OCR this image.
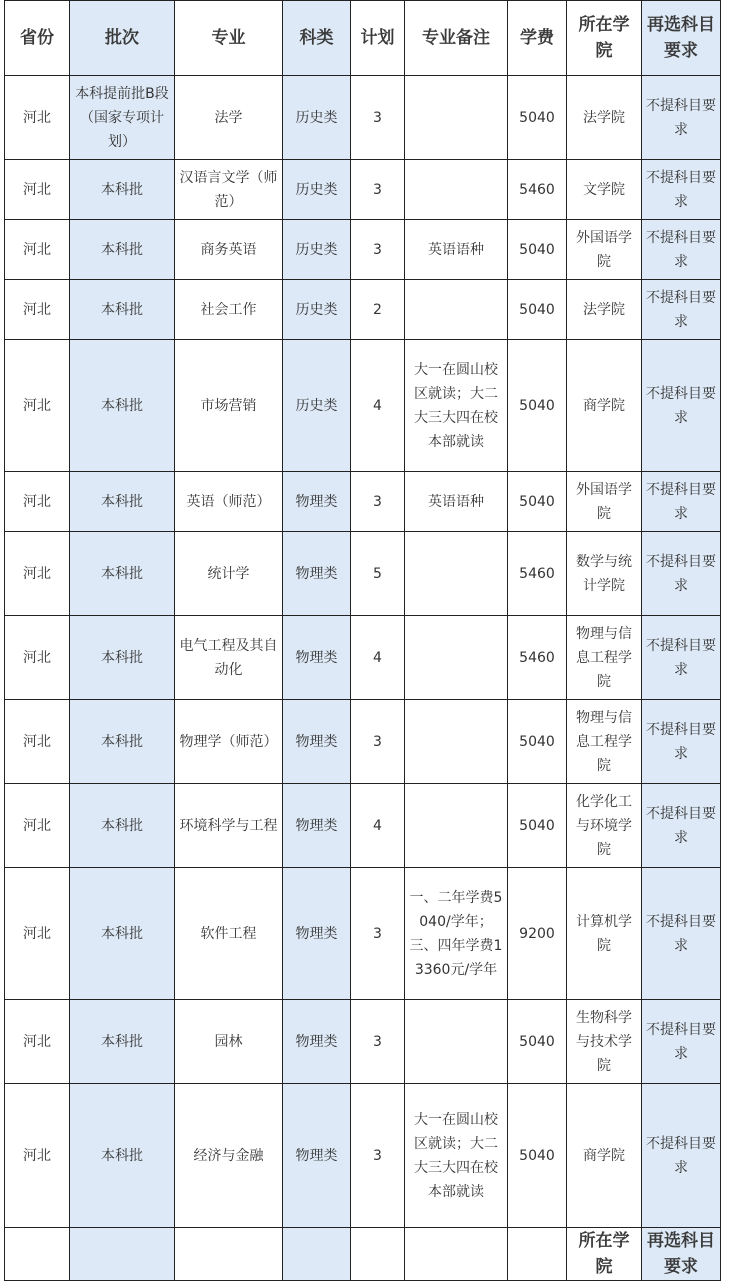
省份	批次	专业	科类	计划	专业备注	学费	所在学院	再选科目要求
河北	本科提前批B段（国家专项计划）	法学	历史类	3		5040	法学院	不提科目要求
河北	本科批	汉语言文学（师范）	历史类	3		5460	文学院	不提科目要求
河北	本科批	商务英语	历史类	3	英语语种	5040	外国语学院	不提科目要求
河北	本科批	社会工作	历史类	2		5040	法学院	不提科目要求
河北	本科批	市场营销	历史类	4	大一在圆山校区就读；大二大三大四在校本部就读	5040	商学院	不提科目要求
河北	本科批	英语（师范）	物理类	3	英语语种	5040	外国语学院	不提科目要求
河北	本科批	统计学	物理类	5		5460	数学与统计学院	不提科目要求
河北	本科批	电气工程及其自动化	物理类	4		5460	物理与信息工程学院	不提科目要求
河北	本科批	物理学（师范）	物理类	3		5040	物理与信息工程学院	不提科目要求
河北	本科批	环境科学与工程	物理类	4		5040	化学化工与环境学院	不提科目要求
河北	本科批	软件工程	物理类	3	一、二年学费5040/学年；三、四年学费13360元/学年	9200	计算机学院	不提科目要求
河北	本科批	园林	物理类	3		5040	生物科学与技术学院	不提科目要求
河北	本科批	经济与金融	物理类	3	大一在圆山校区就读；大二大三大四在校本部就读	5040	商学院	不提科目要求
							所在学院	再选科目要求
